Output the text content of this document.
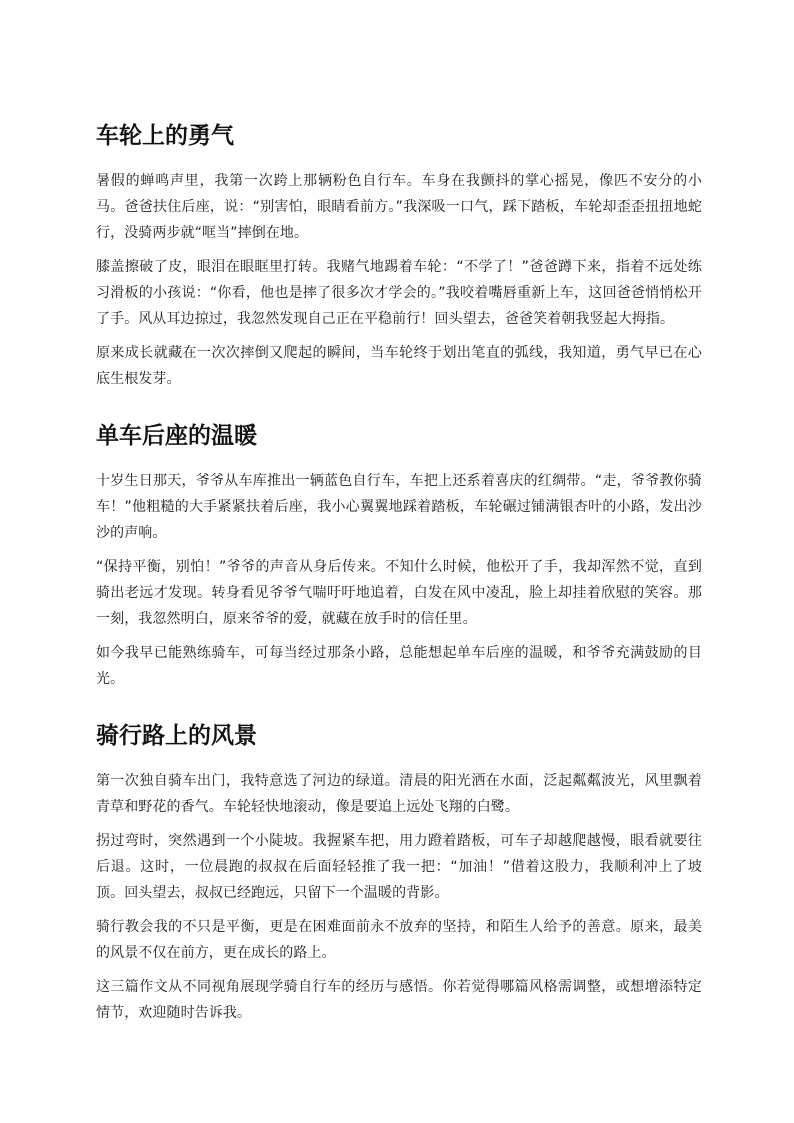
车轮上的勇气

暑假的蝉鸣声里，我第一次跨上那辆粉色自行车。车身在我颤抖的掌心摇晃，像匹不安分的小马。爸爸扶住后座，说：“别害怕，眼睛看前方。”我深吸一口气，踩下踏板，车轮却歪歪扭扭地蛇行，没骑两步就“哐当”摔倒在地。

膝盖擦破了皮，眼泪在眼眶里打转。我赌气地踢着车轮：“不学了！”爸爸蹲下来，指着不远处练习滑板的小孩说：“你看，他也是摔了很多次才学会的。”我咬着嘴唇重新上车，这回爸爸悄悄松开了手。风从耳边掠过，我忽然发现自己正在平稳前行！回头望去，爸爸笑着朝我竖起大拇指。

原来成长就藏在一次次摔倒又爬起的瞬间，当车轮终于划出笔直的弧线，我知道，勇气早已在心底生根发芽。

单车后座的温暖

十岁生日那天，爷爷从车库推出一辆蓝色自行车，车把上还系着喜庆的红绸带。“走，爷爷教你骑车！”他粗糙的大手紧紧扶着后座，我小心翼翼地踩着踏板，车轮碾过铺满银杏叶的小路，发出沙沙的声响。

“保持平衡，别怕！”爷爷的声音从身后传来。不知什么时候，他松开了手，我却浑然不觉，直到骑出老远才发现。转身看见爷爷气喘吁吁地追着，白发在风中凌乱，脸上却挂着欣慰的笑容。那一刻，我忽然明白，原来爷爷的爱，就藏在放手时的信任里。

如今我早已能熟练骑车，可每当经过那条小路，总能想起单车后座的温暖，和爷爷充满鼓励的目光。

骑行路上的风景

第一次独自骑车出门，我特意选了河边的绿道。清晨的阳光洒在水面，泛起粼粼波光，风里飘着青草和野花的香气。车轮轻快地滚动，像是要追上远处飞翔的白鹭。

拐过弯时，突然遇到一个小陡坡。我握紧车把，用力蹬着踏板，可车子却越爬越慢，眼看就要往后退。这时，一位晨跑的叔叔在后面轻轻推了我一把：“加油！”借着这股力，我顺利冲上了坡顶。回头望去，叔叔已经跑远，只留下一个温暖的背影。

骑行教会我的不只是平衡，更是在困难面前永不放弃的坚持，和陌生人给予的善意。原来，最美的风景不仅在前方，更在成长的路上。

这三篇作文从不同视角展现学骑自行车的经历与感悟。你若觉得哪篇风格需调整，或想增添特定情节，欢迎随时告诉我。
